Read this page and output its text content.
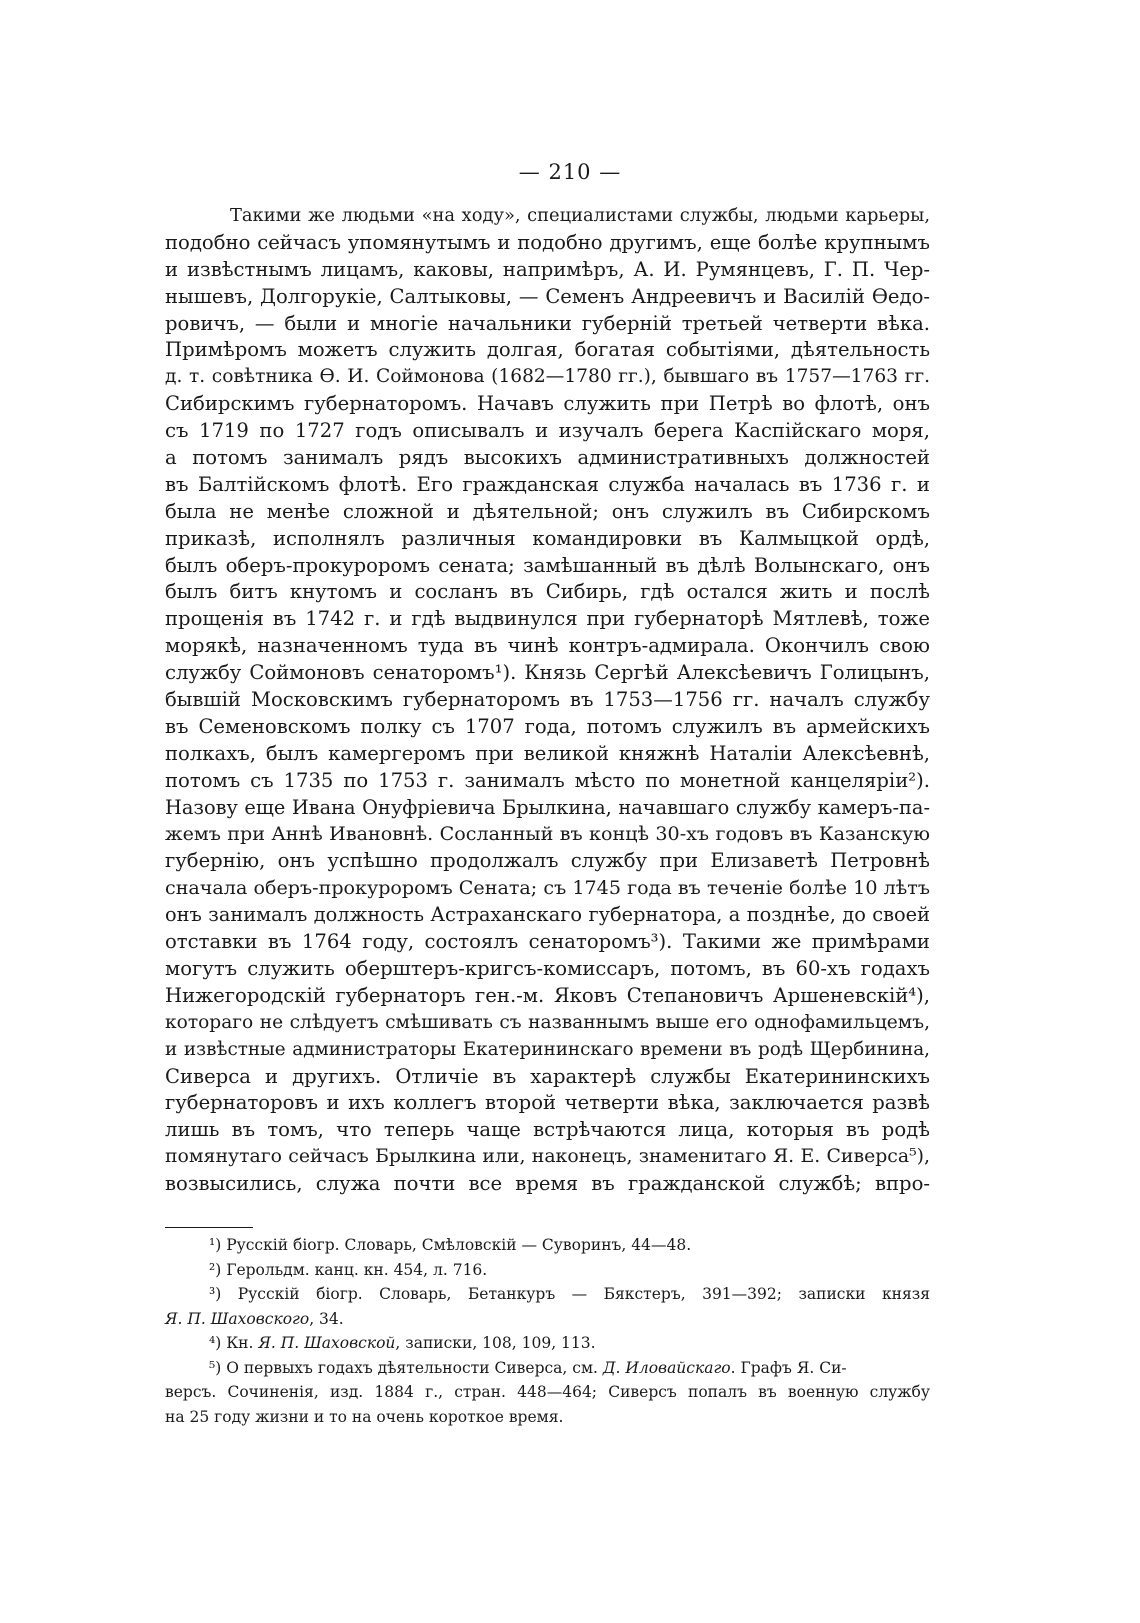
— 210 —
Такими же людьми «на ходу», специалистами службы, людьми карьеры,
подобно сейчасъ упомянутымъ и подобно другимъ, еще болѣе крупнымъ
и извѣстнымъ лицамъ, каковы, напримѣръ, А. И. Румянцевъ, Г. П. Чер-
нышевъ, Долгорукіе, Салтыковы, — Семенъ Андреевичъ и Василій Ѳедо-
ровичъ, — были и многіе начальники губерній третьей четверти вѣка.
Примѣромъ можетъ служить долгая, богатая событіями, дѣятельность
д. т. совѣтника Ѳ. И. Соймонова (1682—1780 гг.), бывшаго въ 1757—1763 гг.
Сибирскимъ губернаторомъ. Начавъ служить при Петрѣ во флотѣ, онъ
съ 1719 по 1727 годъ описывалъ и изучалъ берега Каспійскаго моря,
а потомъ занималъ рядъ высокихъ административныхъ должностей
въ Балтійскомъ флотѣ. Его гражданская служба началась въ 1736 г. и
была не менѣе сложной и дѣятельной; онъ служилъ въ Сибирскомъ
приказѣ, исполнялъ различныя командировки въ Калмыцкой ордѣ,
былъ оберъ-прокуроромъ сената; замѣшанный въ дѣлѣ Волынскаго, онъ
былъ битъ кнутомъ и сосланъ въ Сибирь, гдѣ остался жить и послѣ
прощенія въ 1742 г. и гдѣ выдвинулся при губернаторѣ Мятлевѣ, тоже
морякѣ, назначенномъ туда въ чинѣ контръ-адмирала. Окончилъ свою
службу Соймоновъ сенаторомъ¹). Князь Сергѣй Алексѣевичъ Голицынъ,
бывшій Московскимъ губернаторомъ въ 1753—1756 гг. началъ службу
въ Семеновскомъ полку съ 1707 года, потомъ служилъ въ армейскихъ
полкахъ, былъ камергеромъ при великой княжнѣ Наталіи Алексѣевнѣ,
потомъ съ 1735 по 1753 г. занималъ мѣсто по монетной канцеляріи²).
Назову еще Ивана Онуфріевича Брылкина, начавшаго службу камеръ-па-
жемъ при Аннѣ Ивановнѣ. Сосланный въ концѣ 30-хъ годовъ въ Казанскую
губернію, онъ успѣшно продолжалъ службу при Елизаветѣ Петровнѣ
сначала оберъ-прокуроромъ Сената; съ 1745 года въ теченіе болѣе 10 лѣтъ
онъ занималъ должность Астраханскаго губернатора, а позднѣе, до своей
отставки въ 1764 году, состоялъ сенаторомъ³). Такими же примѣрами
могутъ служить оберштеръ-кригсъ-комиссаръ, потомъ, въ 60-хъ годахъ
Нижегородскій губернаторъ ген.-м. Яковъ Степановичъ Аршеневскій⁴),
котораго не слѣдуетъ смѣшивать съ названнымъ выше его однофамильцемъ,
и извѣстные администраторы Екатерининскаго времени въ родѣ Щербинина,
Сиверса и другихъ. Отличіе въ характерѣ службы Екатерининскихъ
губернаторовъ и ихъ коллегъ второй четверти вѣка, заключается развѣ
лишь въ томъ, что теперь чаще встрѣчаются лица, которыя въ родѣ
помянутаго сейчасъ Брылкина или, наконецъ, знаменитаго Я. Е. Сиверса⁵),
возвысились, служа почти все время въ гражданской службѣ; впро-
¹) Русскій біогр. Словарь, Смѣловскій — Суворинъ, 44—48.
²) Герольдм. канц. кн. 454, л. 716.
³) Русскій біогр. Словарь, Бетанкуръ — Бякстеръ, 391—392; записки князя
Я. П. Шаховского, 34.
⁴) Кн. Я. П. Шаховской, записки, 108, 109, 113.
⁵) О первыхъ годахъ дѣятельности Сиверса, см. Д. Иловайскаго. Графъ Я. Си-
версъ. Сочиненія, изд. 1884 г., стран. 448—464; Сиверсъ попалъ въ военную службу
на 25 году жизни и то на очень короткое время.
